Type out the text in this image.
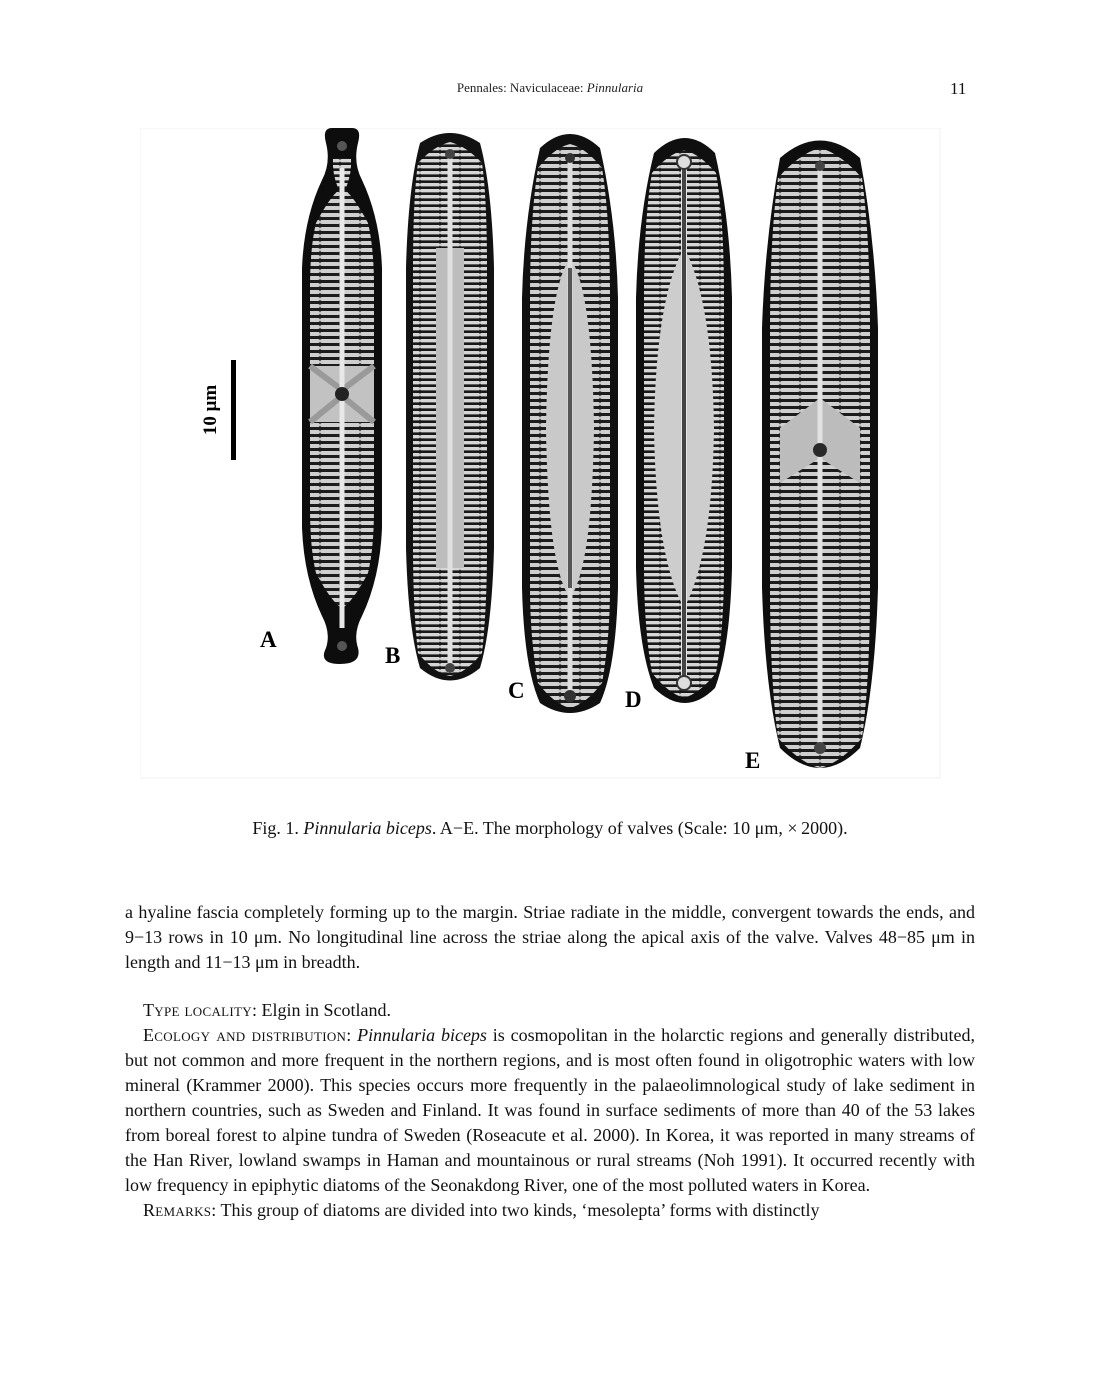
Pennales: Naviculaceae: Pinnularia	11
10 μm
A
B
C	D
E
Fig. 1. Pinnularia biceps. A−E. The morphology of valves (Scale: 10 μm, × 2000).

a hyaline fascia completely forming up to the margin. Striae radiate in the middle, convergent towards the ends, and 9−13 rows in 10 μm. No longitudinal line across the striae along the apical axis of the valve. Valves 48−85 μm in length and 11−13 μm in breadth.

Type locality: Elgin in Scotland.

Ecology and distribution: Pinnularia biceps is cosmopolitan in the holarctic regions and generally distributed, but not common and more frequent in the northern regions, and is most often found in oligotrophic waters with low mineral (Krammer 2000). This species occurs more frequently in the palaeolimnological study of lake sediment in northern countries, such as Sweden and Finland. It was found in surface sediments of more than 40 of the 53 lakes from boreal forest to alpine tundra of Sweden (Roseacute et al. 2000). In Korea, it was reported in many streams of the Han River, lowland swamps in Haman and mountainous or rural streams (Noh 1991). It occurred recently with low frequency in epiphytic diatoms of the Seonakdong River, one of the most polluted waters in Korea.

Remarks: This group of diatoms are divided into two kinds, ‘mesolepta’ forms with distinctly
